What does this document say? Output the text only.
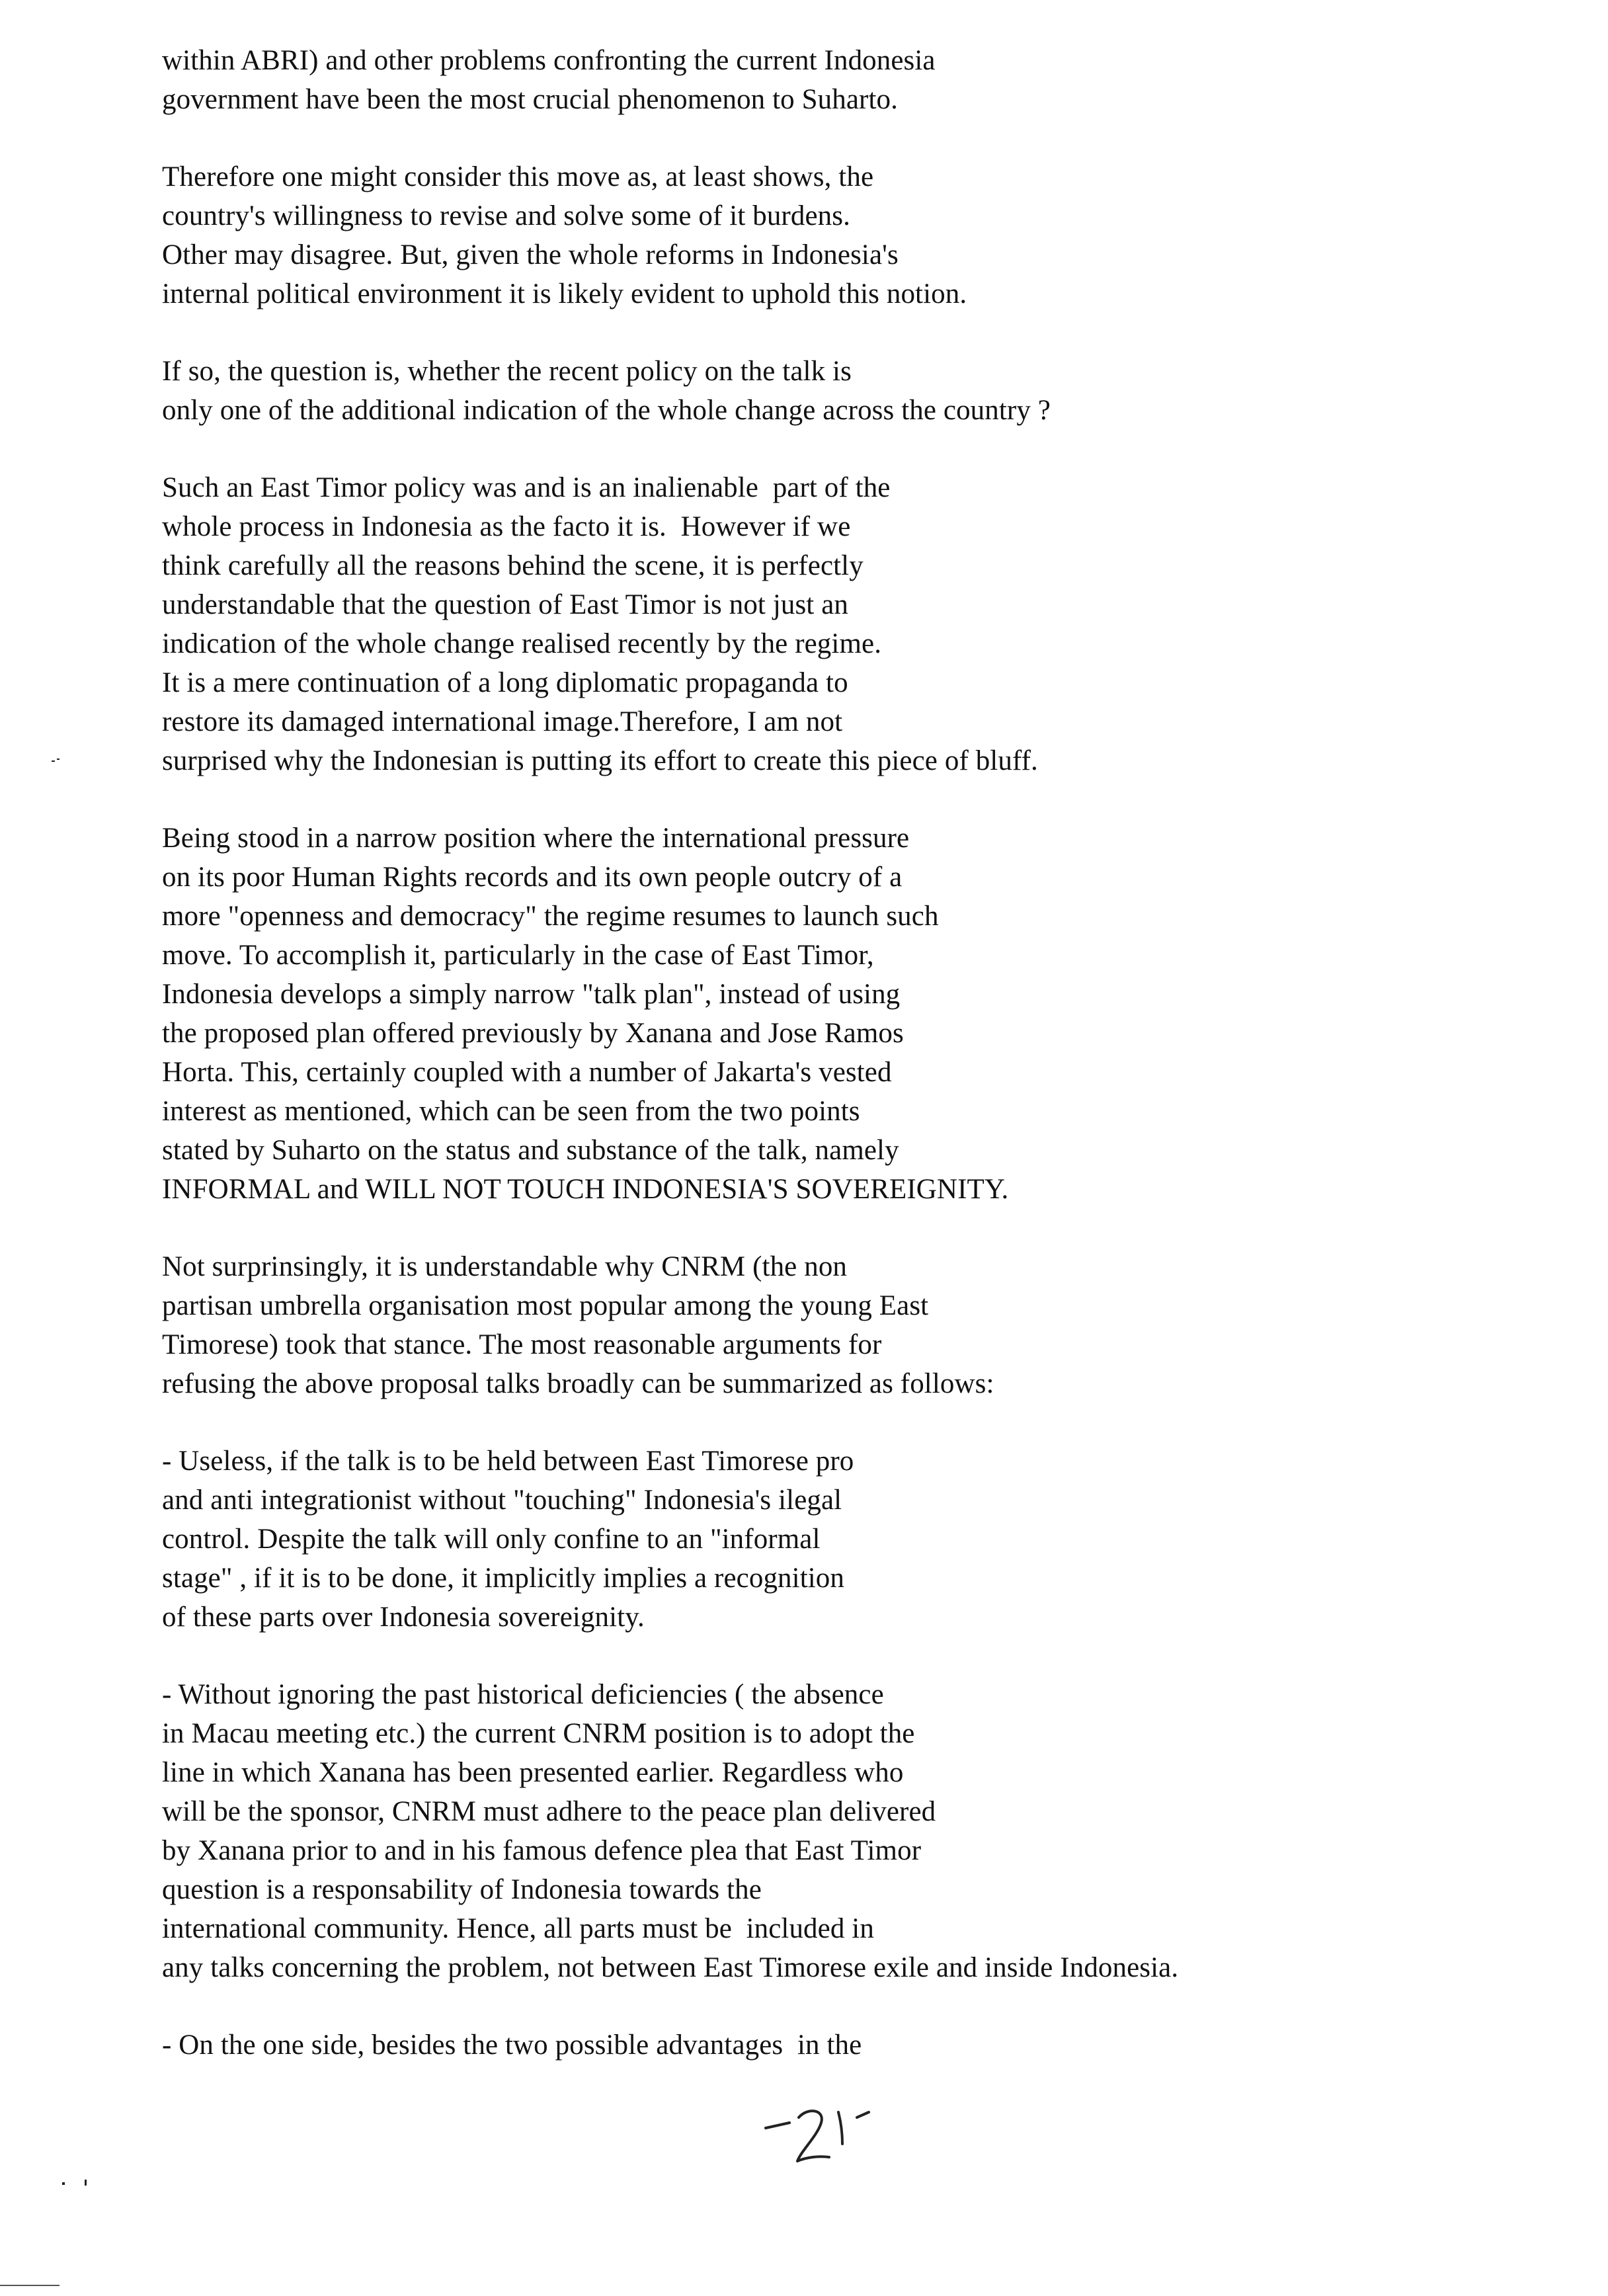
within ABRI) and other problems confronting the current Indonesia
government have been the most crucial phenomenon to Suharto.
Therefore one might consider this move as, at least shows, the
country's willingness to revise and solve some of it burdens.
Other may disagree. But, given the whole reforms in Indonesia's
internal political environment it is likely evident to uphold this notion.
If so, the question is, whether the recent policy on the talk is
only one of the additional indication of the whole change across the country ?
Such an East Timor policy was and is an inalienable  part of the
whole process in Indonesia as the facto it is.  However if we
think carefully all the reasons behind the scene, it is perfectly
understandable that the question of East Timor is not just an
indication of the whole change realised recently by the regime.
It is a mere continuation of a long diplomatic propaganda to
restore its damaged international image.Therefore, I am not
surprised why the Indonesian is putting its effort to create this piece of bluff.
Being stood in a narrow position where the international pressure
on its poor Human Rights records and its own people outcry of a
more "openness and democracy" the regime resumes to launch such
move. To accomplish it, particularly in the case of East Timor,
Indonesia develops a simply narrow "talk plan", instead of using
the proposed plan offered previously by Xanana and Jose Ramos
Horta. This, certainly coupled with a number of Jakarta's vested
interest as mentioned, which can be seen from the two points
stated by Suharto on the status and substance of the talk, namely
INFORMAL and WILL NOT TOUCH INDONESIA'S SOVEREIGNITY.
Not surprinsingly, it is understandable why CNRM (the non
partisan umbrella organisation most popular among the young East
Timorese) took that stance. The most reasonable arguments for
refusing the above proposal talks broadly can be summarized as follows:
- Useless, if the talk is to be held between East Timorese pro
and anti integrationist without "touching" Indonesia's ilegal
control. Despite the talk will only confine to an "informal
stage" , if it is to be done, it implicitly implies a recognition
of these parts over Indonesia sovereignity.
- Without ignoring the past historical deficiencies ( the absence
in Macau meeting etc.) the current CNRM position is to adopt the
line in which Xanana has been presented earlier. Regardless who
will be the sponsor, CNRM must adhere to the peace plan delivered
by Xanana prior to and in his famous defence plea that East Timor
question is a responsability of Indonesia towards the
international community. Hence, all parts must be  included in
any talks concerning the problem, not between East Timorese exile and inside Indonesia.
- On the one side, besides the two possible advantages  in the
